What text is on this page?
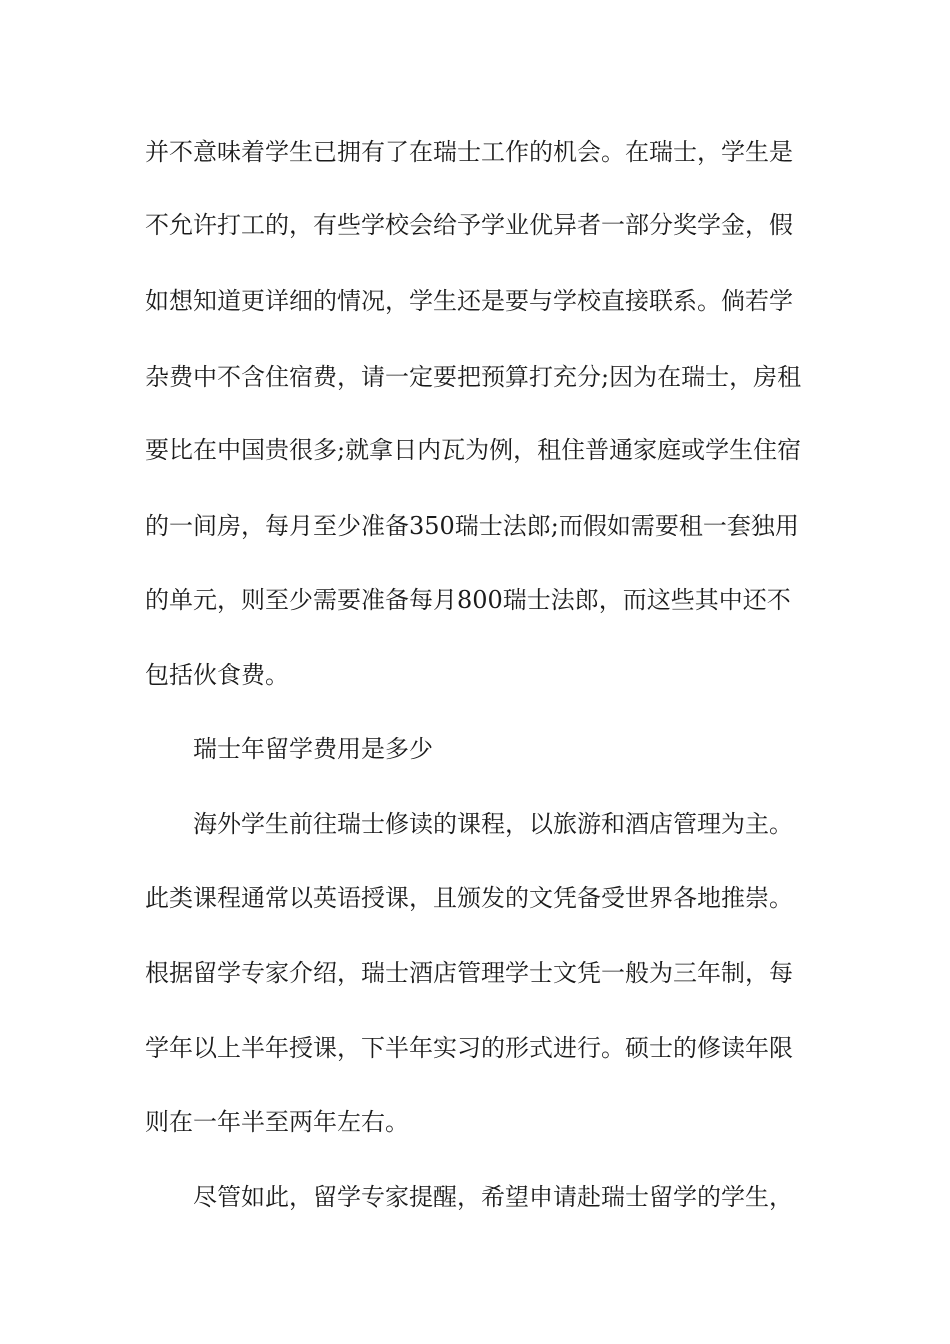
并不意味着学生已拥有了在瑞士工作的机会。在瑞士，学生是

不允许打工的，有些学校会给予学业优异者一部分奖学金，假

如想知道更详细的情况，学生还是要与学校直接联系。倘若学

杂费中不含住宿费，请一定要把预算打充分;因为在瑞士，房租

要比在中国贵很多;就拿日内瓦为例，租住普通家庭或学生住宿

的一间房，每月至少准备350瑞士法郎;而假如需要租一套独用

的单元，则至少需要准备每月800瑞士法郎，而这些其中还不

包括伙食费。

瑞士年留学费用是多少

海外学生前往瑞士修读的课程，以旅游和酒店管理为主。

此类课程通常以英语授课，且颁发的文凭备受世界各地推崇。

根据留学专家介绍，瑞士酒店管理学士文凭一般为三年制，每

学年以上半年授课，下半年实习的形式进行。硕士的修读年限

则在一年半至两年左右。

尽管如此，留学专家提醒，希望申请赴瑞士留学的学生，
